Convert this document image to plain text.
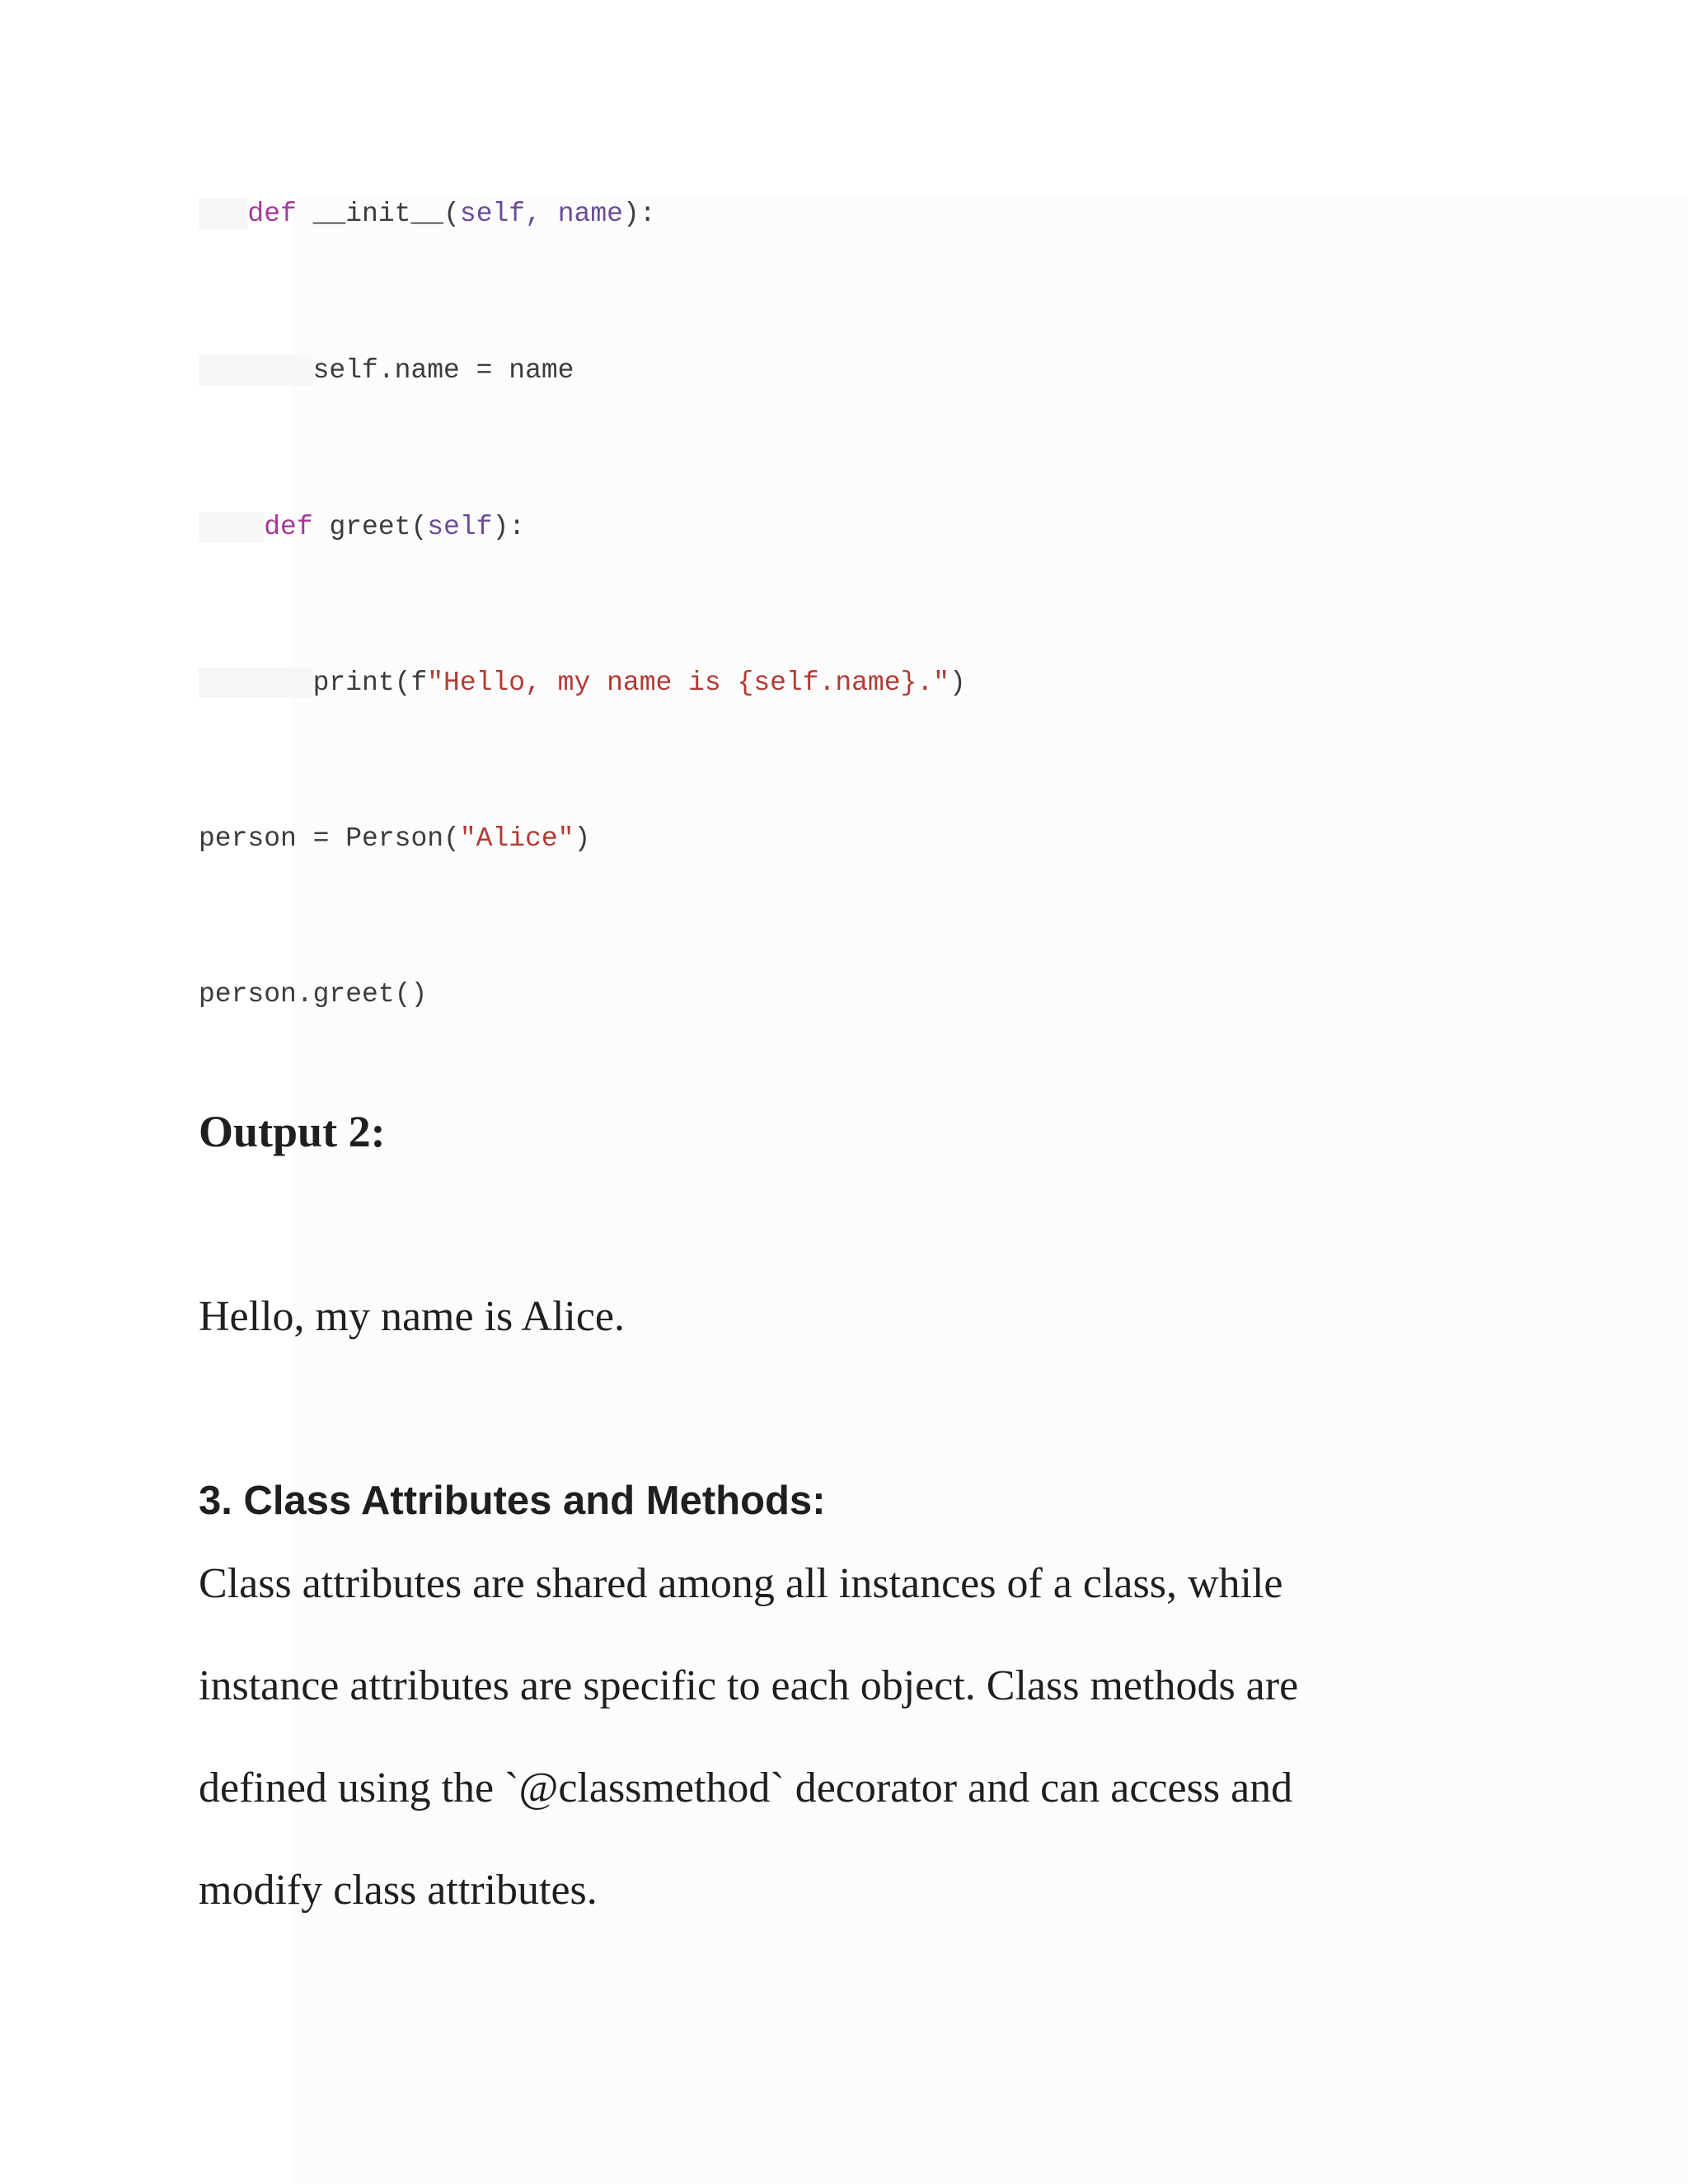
def __init__(self, name):
self.name = name
def greet(self):
print(f"Hello, my name is {self.name}.")
person = Person("Alice")
person.greet()
Output 2:

Hello, my name is Alice.

3. Class Attributes and Methods:
Class attributes are shared among all instances of a class, while
instance attributes are specific to each object. Class methods are
defined using the `@classmethod` decorator and can access and
modify class attributes.
